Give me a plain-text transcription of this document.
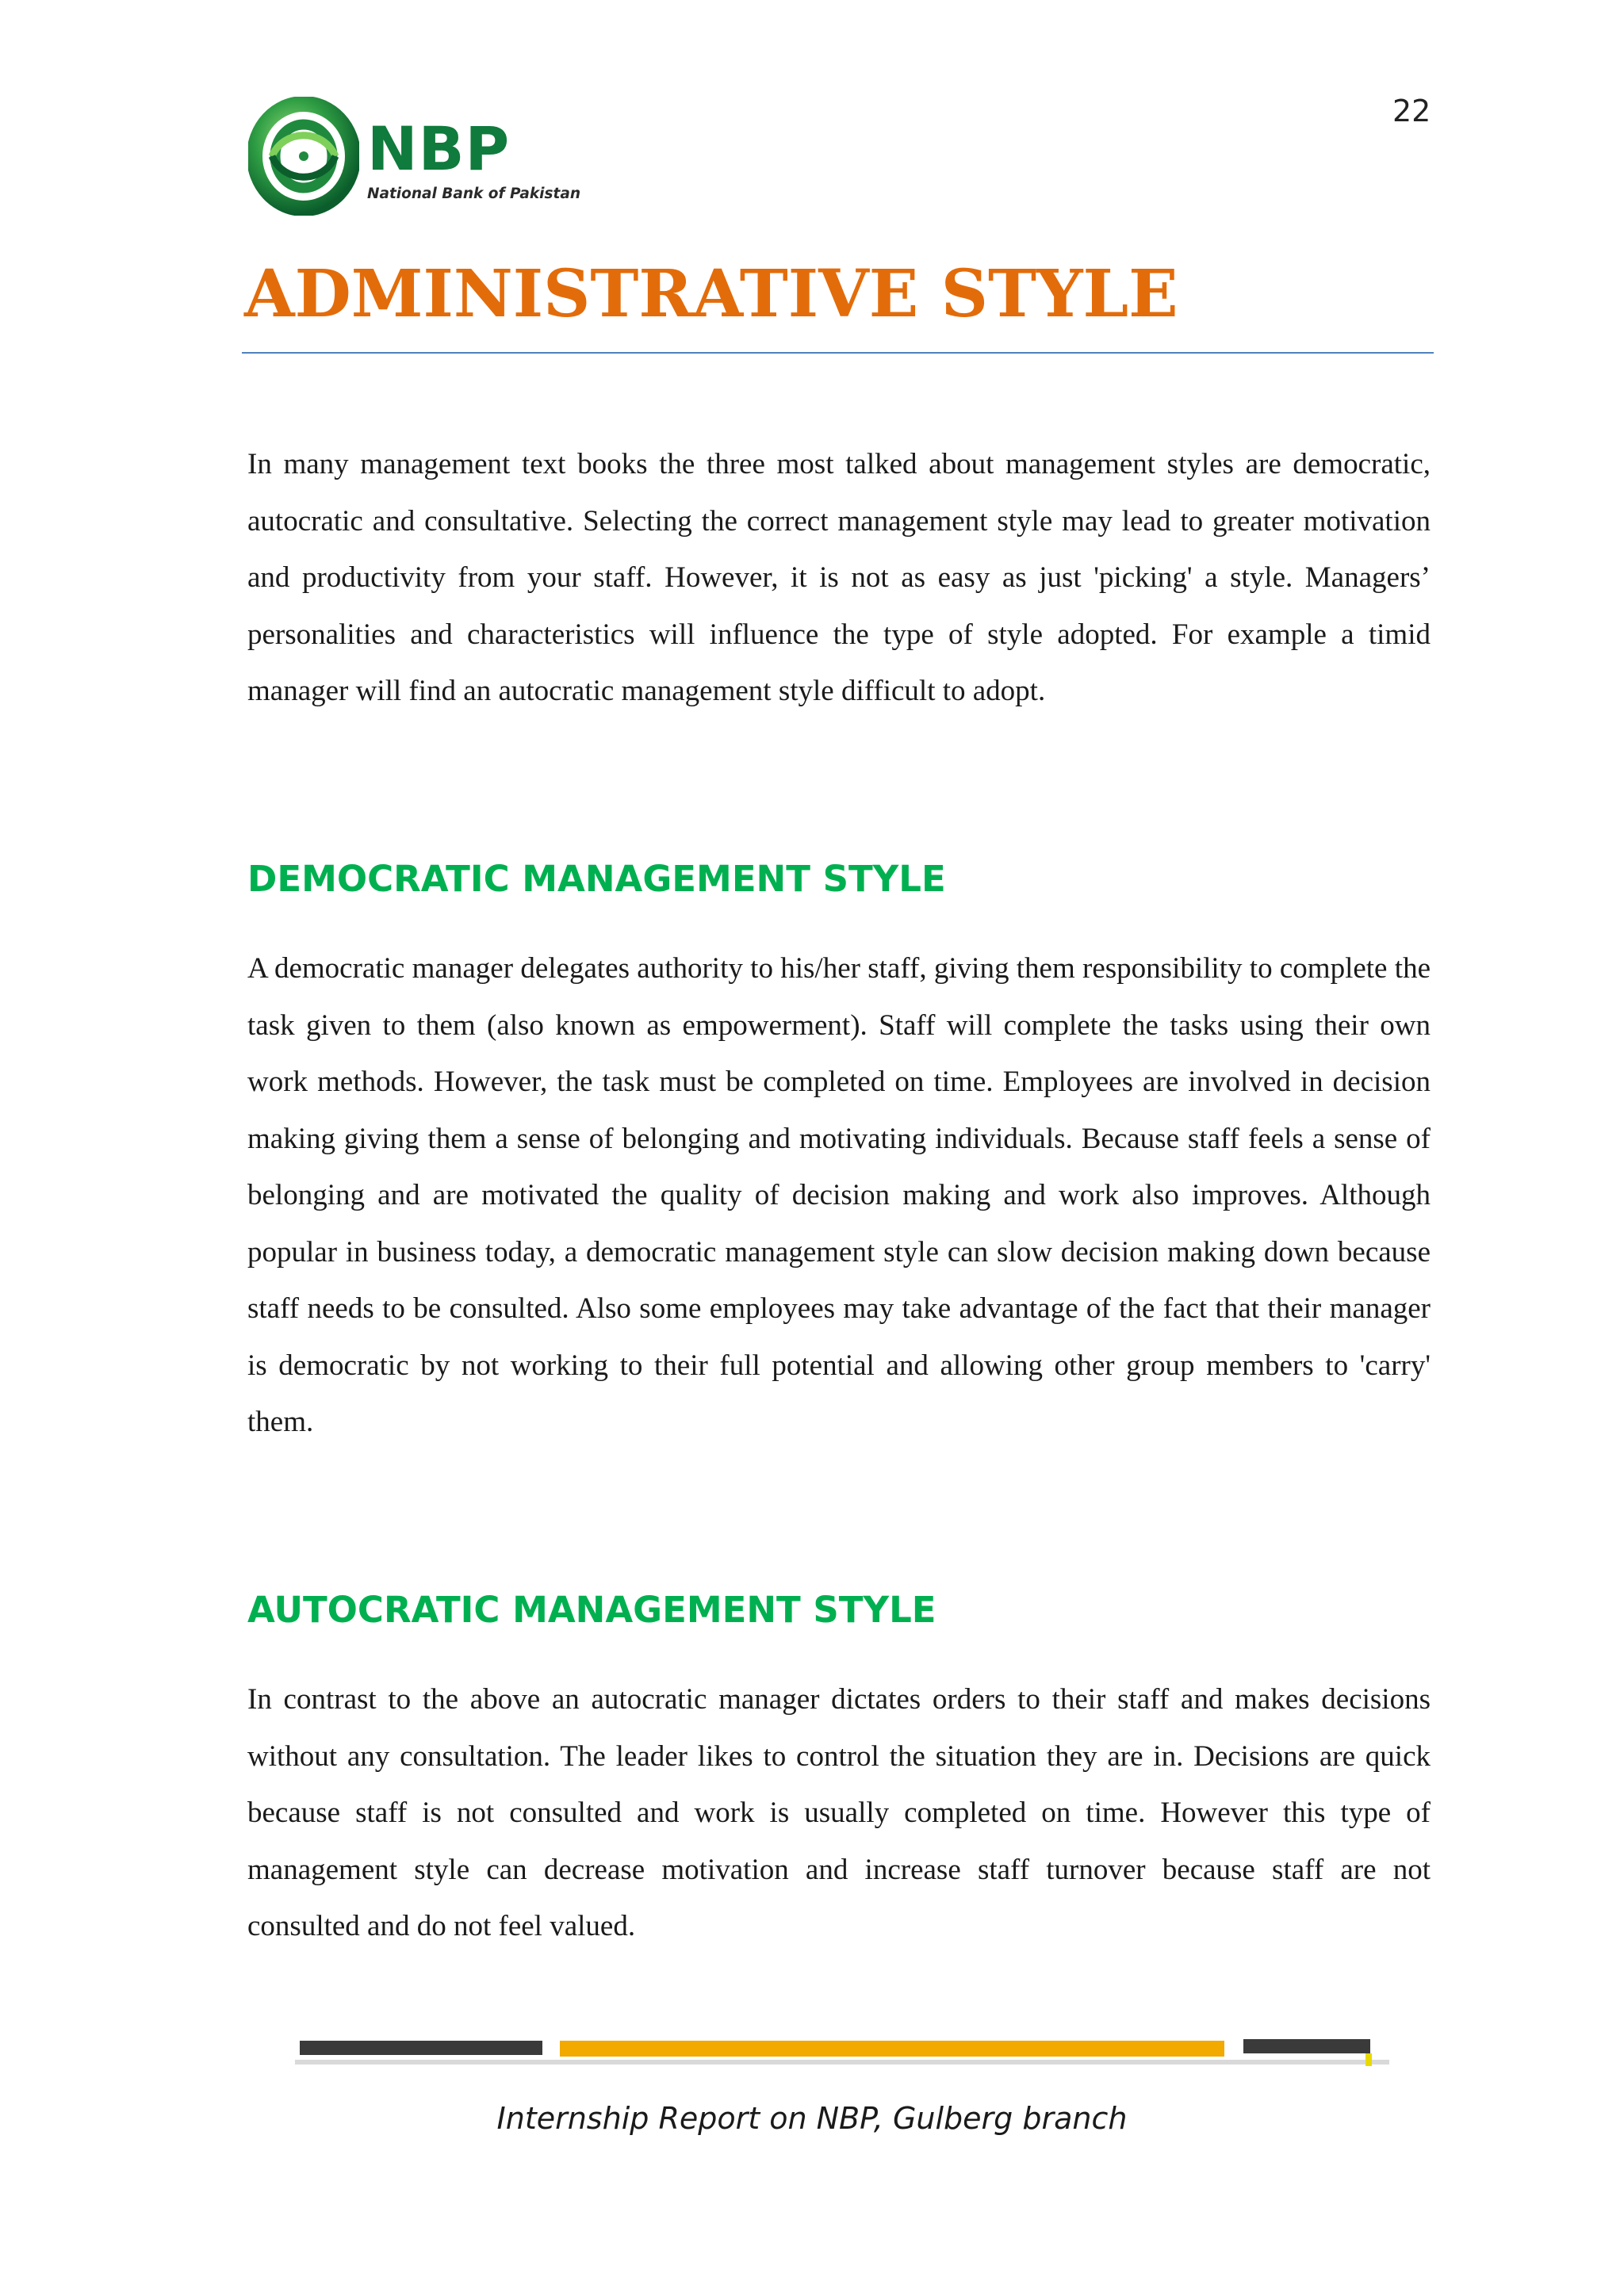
22
NBP
National Bank of Pakistan
ADMINISTRATIVE STYLE

In many management text books the three most talked about management styles are democratic, autocratic and consultative. Selecting the correct management style may lead to greater motivation and productivity from your staff. However, it is not as easy as just 'picking' a style. Managers’ personalities and characteristics will influence the type of style adopted. For example a timid manager will find an autocratic management style difficult to adopt.

DEMOCRATIC MANAGEMENT STYLE

A democratic manager delegates authority to his/her staff, giving them responsibility to complete the task given to them (also known as empowerment). Staff will complete the tasks using their own work methods. However, the task must be completed on time. Employees are involved in decision making giving them a sense of belonging and motivating individuals. Because staff feels a sense of belonging and are motivated the quality of decision making and work also improves. Although popular in business today, a democratic management style can slow decision making down because staff needs to be consulted. Also some employees may take advantage of the fact that their manager is democratic by not working to their full potential and allowing other group members to 'carry' them.

AUTOCRATIC MANAGEMENT STYLE

In contrast to the above an autocratic manager dictates orders to their staff and makes decisions without any consultation. The leader likes to control the situation they are in. Decisions are quick because staff is not consulted and work is usually completed on time. However this type of management style can decrease motivation and increase staff turnover because staff are not consulted and do not feel valued.

Internship Report on NBP, Gulberg branch
